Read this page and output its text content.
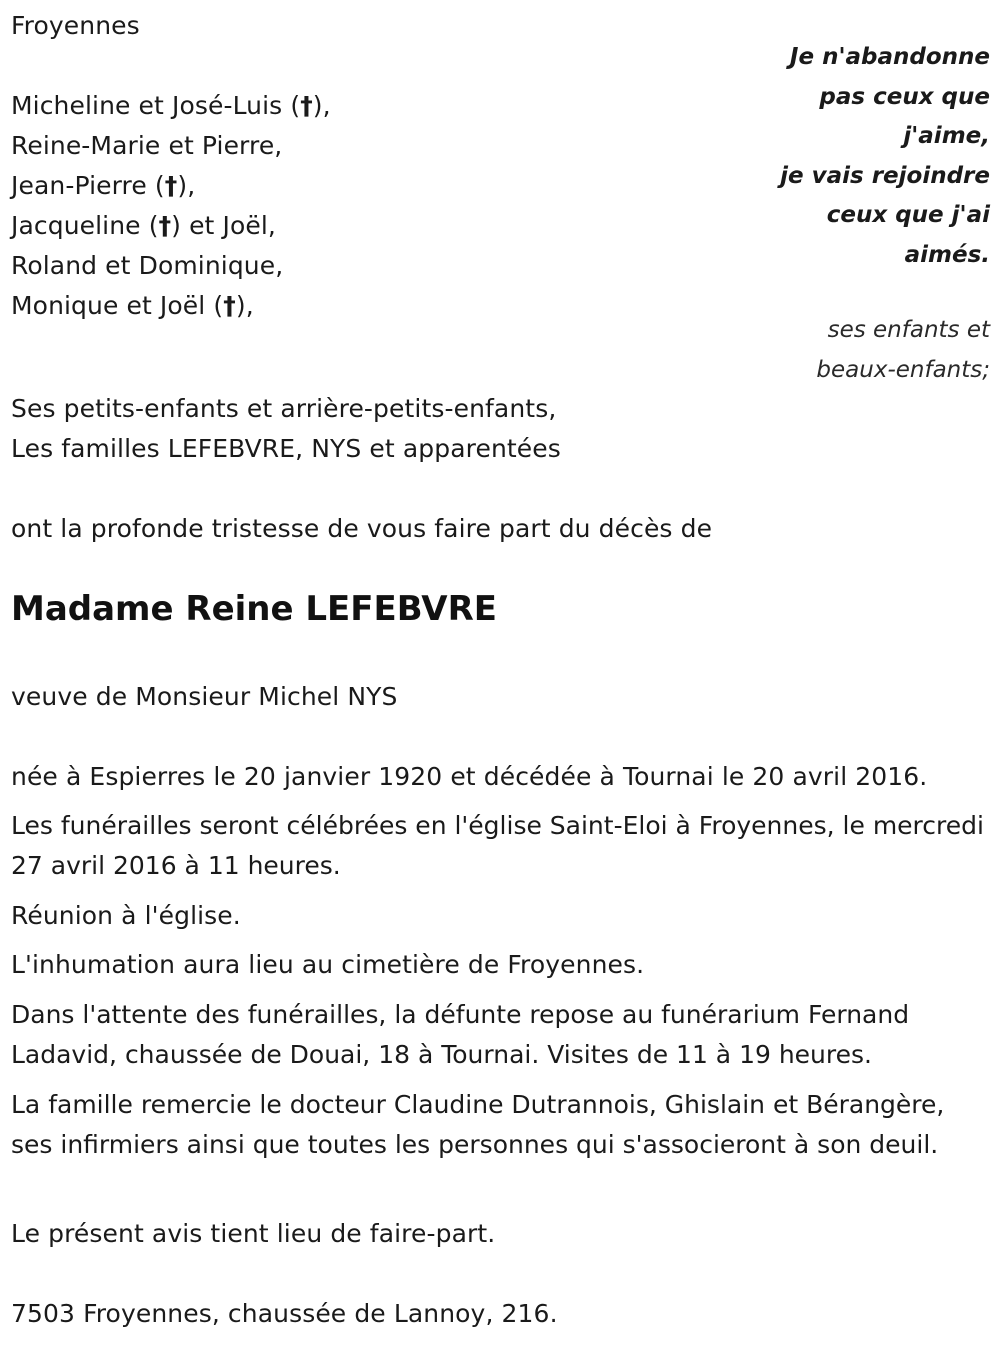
Froyennes
Micheline et José-Luis (†),
Reine-Marie et Pierre,
Jean-Pierre (†),
Jacqueline (†) et Joël,
Roland et Dominique,
Monique et Joël (†),
Je n'abandonne
pas ceux que
j'aime,
je vais rejoindre
ceux que j'ai
aimés.
ses enfants et
beaux-enfants;
Ses petits-enfants et arrière-petits-enfants,
Les familles LEFEBVRE, NYS et apparentées
ont la profonde tristesse de vous faire part du décès de
Madame Reine LEFEBVRE
veuve de Monsieur Michel NYS
née à Espierres le 20 janvier 1920 et décédée à Tournai le 20 avril 2016.
Les funérailles seront célébrées en l'église Saint-Eloi à Froyennes, le mercredi 27 avril 2016 à 11 heures.
Réunion à l'église.
L'inhumation aura lieu au cimetière de Froyennes.
Dans l'attente des funérailles, la défunte repose au funérarium Fernand Ladavid, chaussée de Douai, 18 à Tournai. Visites de 11 à 19 heures.
La famille remercie le docteur Claudine Dutrannois, Ghislain et Bérangère, ses infirmiers ainsi que toutes les personnes qui s'associeront à son deuil.
Le présent avis tient lieu de faire-part.
7503 Froyennes, chaussée de Lannoy, 216.
